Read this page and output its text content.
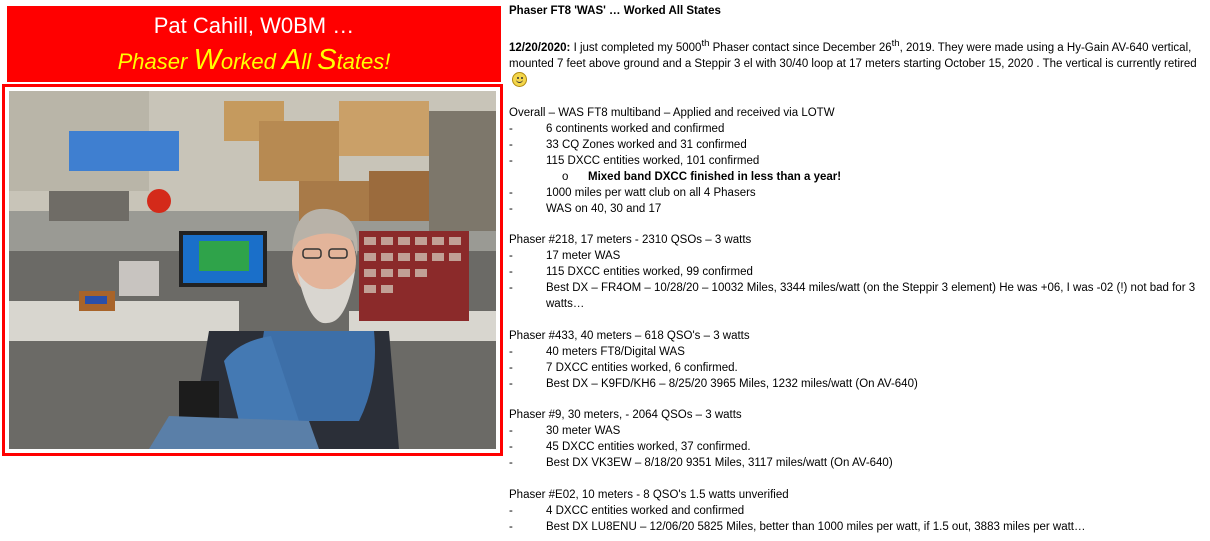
Pat Cahill, W0BM …
Phaser Worked All States!

Phaser FT8 'WAS' … Worked All States

12/20/2020: I just completed my 5000th Phaser contact since December 26th, 2019. They were made using a Hy-Gain AV-640 vertical, mounted 7 feet above ground and a Steppir 3 el with 30/40 loop at 17 meters starting October 15, 2020 . The vertical is currently retired

Overall – WAS FT8 multiband – Applied and received via LOTW

-	6 continents worked and confirmed
-	33 CQ Zones worked and 31 confirmed
-	115 DXCC entities worked, 101 confirmed
o Mixed band DXCC finished in less than a year!
-	1000 miles per watt club on all 4 Phasers
-	WAS on 40, 30 and 17

Phaser #218, 17 meters - 2310 QSOs – 3 watts

-	17 meter WAS
-	115 DXCC entities worked, 99 confirmed
-	Best DX – FR4OM – 10/28/20 – 10032 Miles, 3344 miles/watt (on the Steppir 3 element) He was +06, I was -02 (!) not bad for 3 watts…

Phaser #433, 40 meters – 618 QSO's – 3 watts

-	40 meters FT8/Digital WAS
-	7 DXCC entities worked, 6 confirmed.
-	Best DX – K9FD/KH6 – 8/25/20 3965 Miles, 1232 miles/watt (On AV-640)

Phaser #9, 30 meters, - 2064 QSOs – 3 watts

-	30 meter WAS
-	45 DXCC entities worked, 37 confirmed.
-	Best DX VK3EW – 8/18/20 9351 Miles, 3117 miles/watt (On AV-640)

Phaser #E02, 10 meters - 8 QSO's 1.5 watts unverified

-	4 DXCC entities worked and confirmed
-	Best DX LU8ENU – 12/06/20 5825 Miles, better than 1000 miles per watt, if 1.5 out, 3883 miles per watt…
